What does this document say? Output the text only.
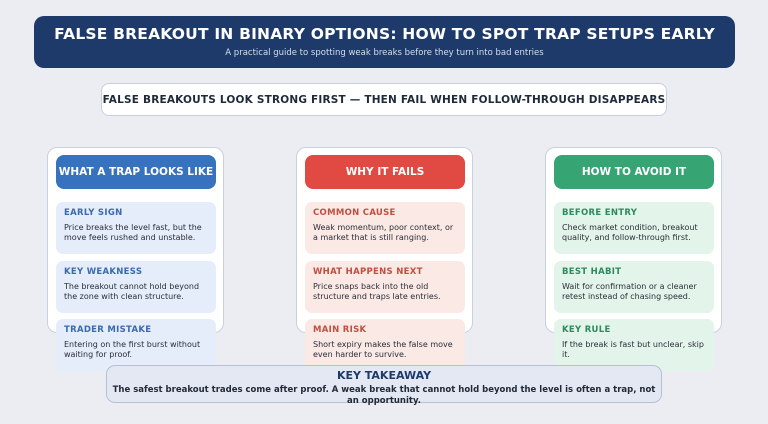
FALSE BREAKOUT IN BINARY OPTIONS: HOW TO SPOT TRAP SETUPS EARLY
A practical guide to spotting weak breaks before they turn into bad entries
FALSE BREAKOUTS LOOK STRONG FIRST — THEN FAIL WHEN FOLLOW-THROUGH DISAPPEARS
WHAT A TRAP LOOKS LIKE
EARLY SIGN
Price breaks the level fast, but the move feels rushed and unstable.
KEY WEAKNESS
The breakout cannot hold beyond the zone with clean structure.
TRADER MISTAKE
Entering on the first burst without waiting for proof.
WHY IT FAILS
COMMON CAUSE
Weak momentum, poor context, or a market that is still ranging.
WHAT HAPPENS NEXT
Price snaps back into the old structure and traps late entries.
MAIN RISK
Short expiry makes the false move even harder to survive.
HOW TO AVOID IT
BEFORE ENTRY
Check market condition, breakout quality, and follow-through first.
BEST HABIT
Wait for confirmation or a cleaner retest instead of chasing speed.
KEY RULE
If the break is fast but unclear, skip it.
KEY TAKEAWAY
The safest breakout trades come after proof. A weak break that cannot hold beyond the level is often a trap, not an opportunity.
